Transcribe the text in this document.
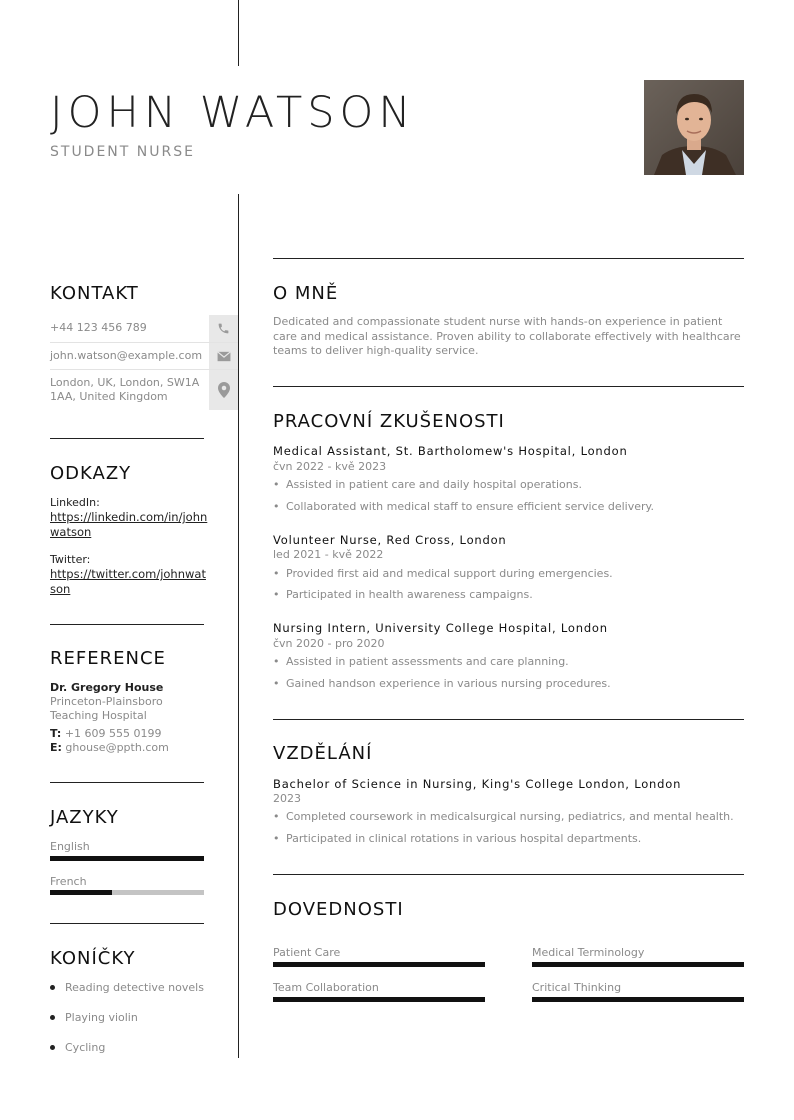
JOHN WATSON
STUDENT NURSE
KONTAKT
+44 123 456 789
john.watson@example.com
London, UK, London, SW1A 1AA, United Kingdom
ODKAZY
LinkedIn:
https://linkedin.com/in/johnwatson
Twitter:
https://twitter.com/johnwatson
REFERENCE
Dr. Gregory House
Princeton-Plainsboro
Teaching Hospital
T: +1 609 555 0199
E: ghouse@ppth.com
JAZYKY
English
French
KONÍČKY
Reading detective novels
Playing violin
Cycling
O MNĚ
Dedicated and compassionate student nurse with hands-on experience in patient care and medical assistance. Proven ability to collaborate effectively with healthcare teams to deliver high-quality service.
PRACOVNÍ ZKUŠENOSTI
Medical Assistant, St. Bartholomew's Hospital, London
čvn 2022 - kvě 2023
• Assisted in patient care and daily hospital operations.
• Collaborated with medical staff to ensure efficient service delivery.
Volunteer Nurse, Red Cross, London
led 2021 - kvě 2022
• Provided first aid and medical support during emergencies.
• Participated in health awareness campaigns.
Nursing Intern, University College Hospital, London
čvn 2020 - pro 2020
• Assisted in patient assessments and care planning.
• Gained handson experience in various nursing procedures.
VZDĚLÁNÍ
Bachelor of Science in Nursing, King's College London, London
2023
• Completed coursework in medicalsurgical nursing, pediatrics, and mental health.
• Participated in clinical rotations in various hospital departments.
DOVEDNOSTI
Patient Care	Medical Terminology
Team Collaboration	Critical Thinking
